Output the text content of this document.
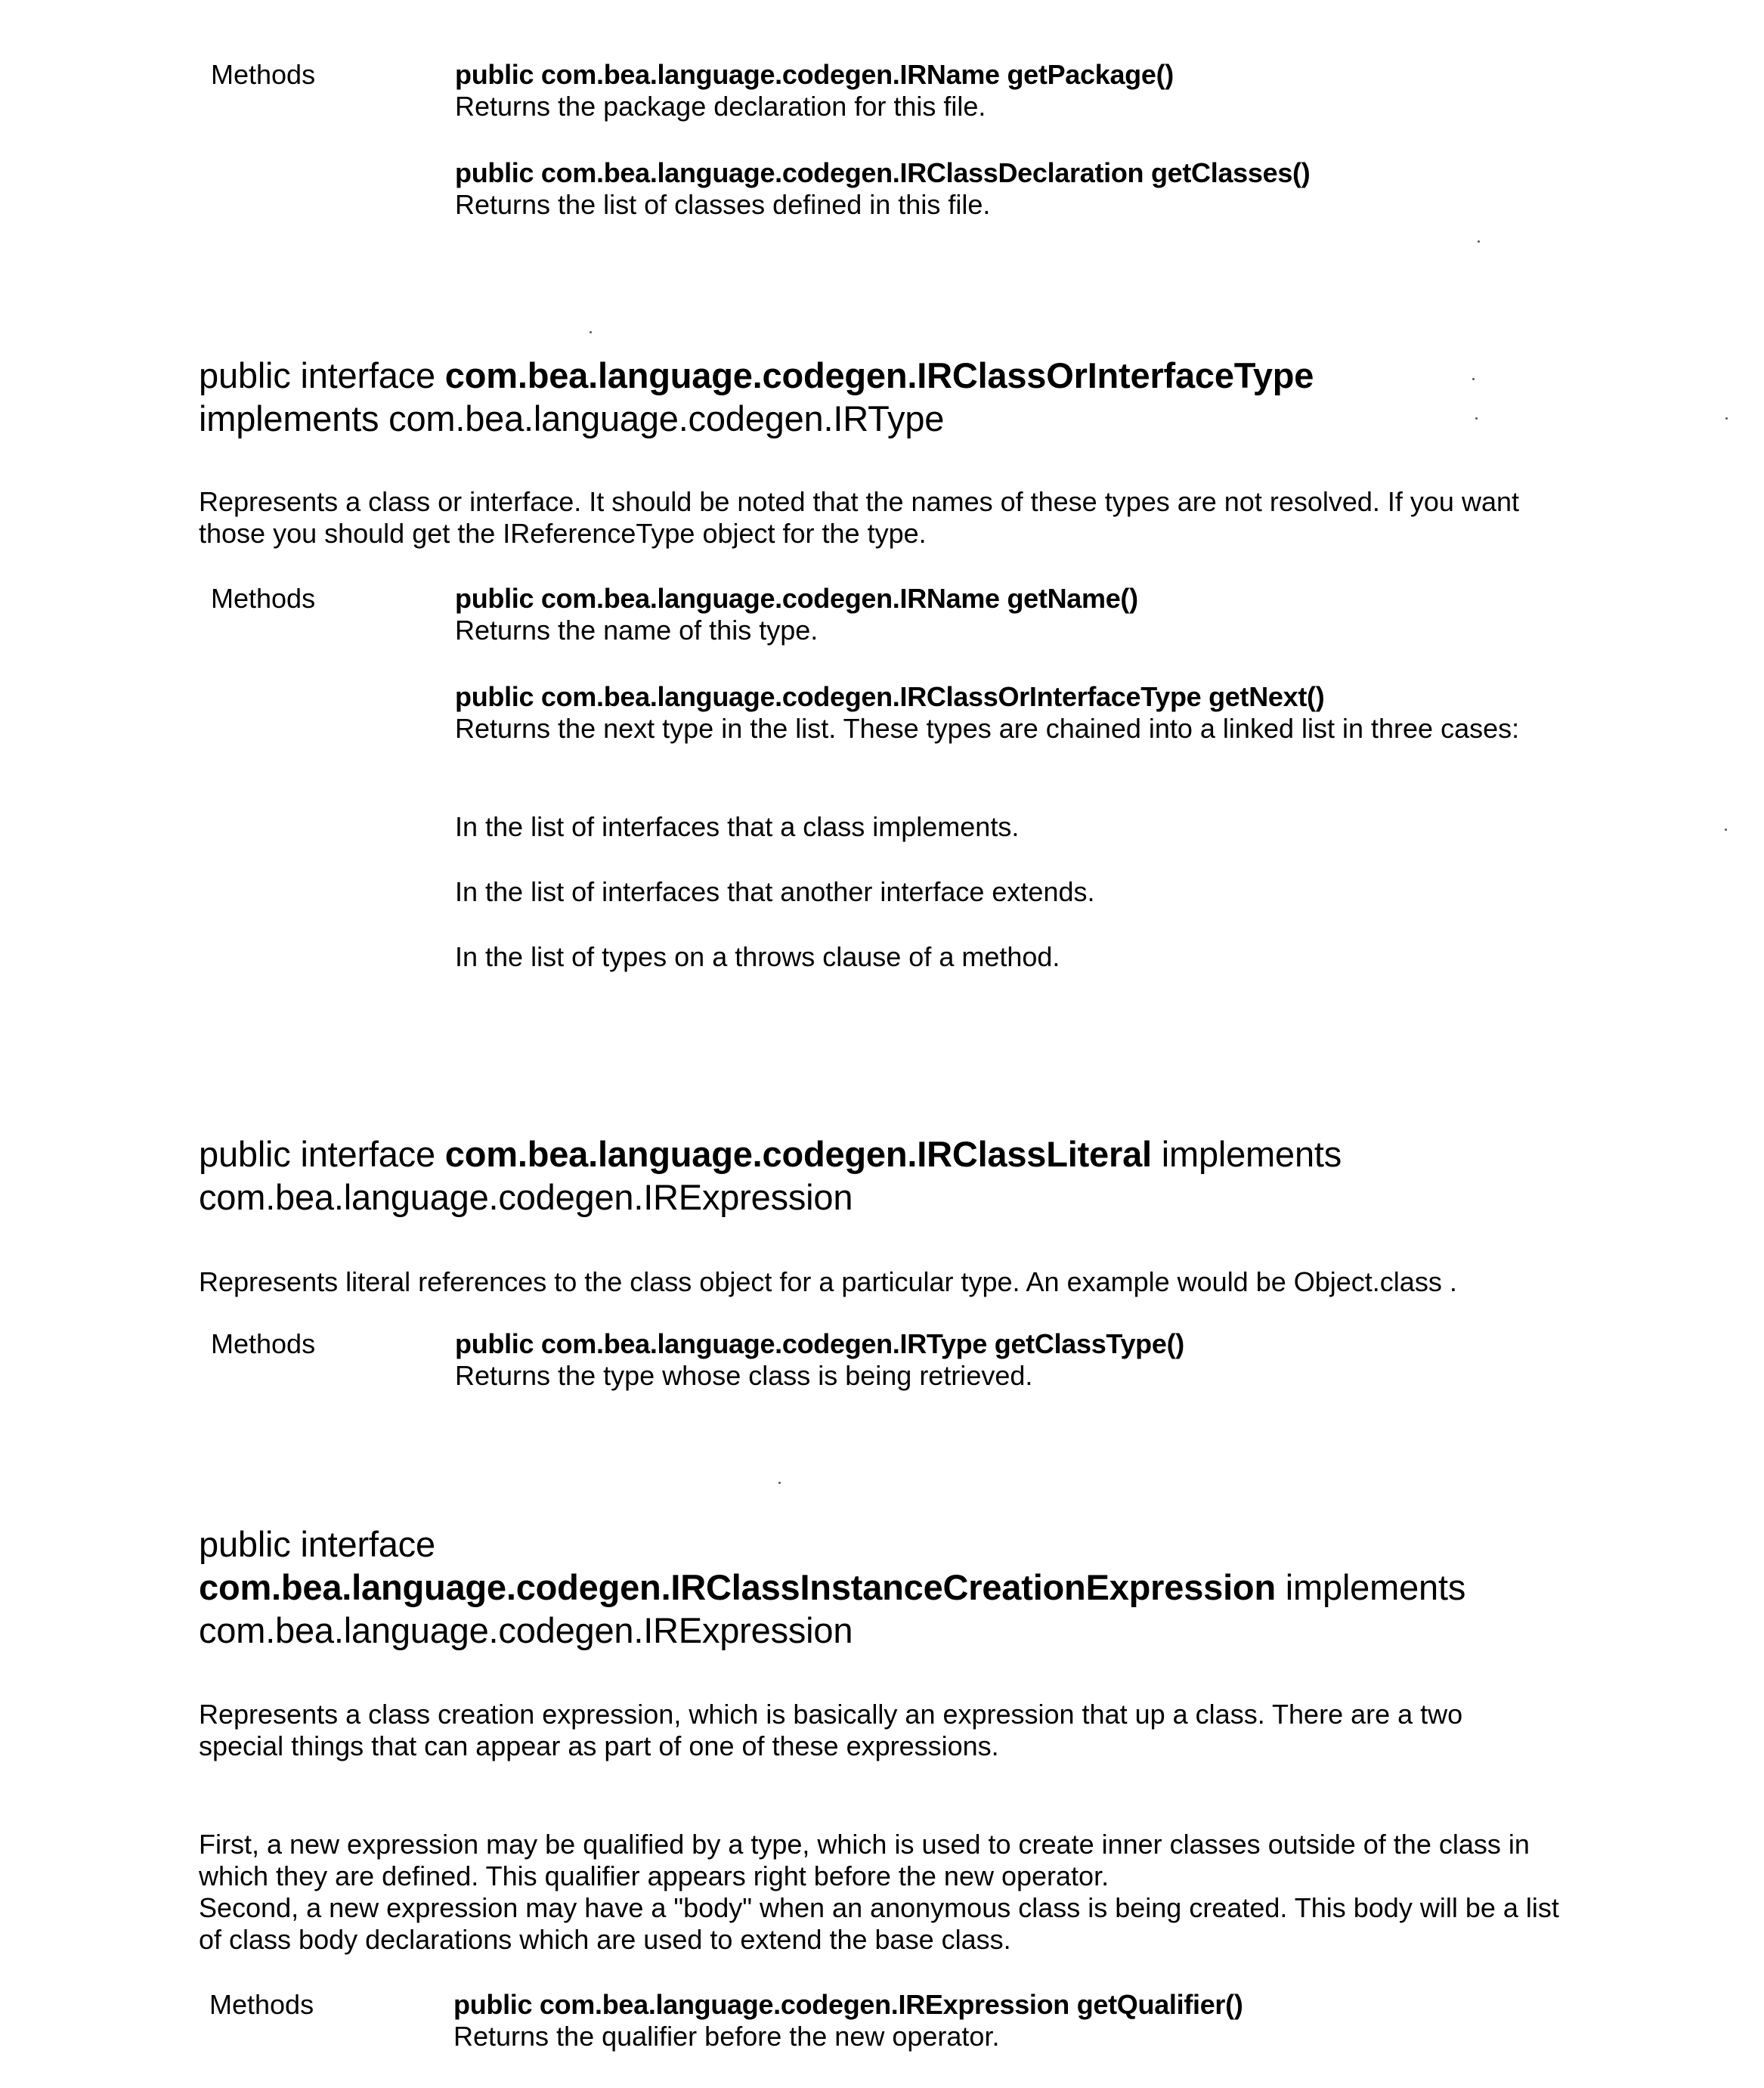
Methods	public com.bea.language.codegen.IRName getPackage()
Returns the package declaration for this file.
public com.bea.language.codegen.IRClassDeclaration getClasses()
Returns the list of classes defined in this file.
public interface com.bea.language.codegen.IRClassOrInterfaceType
implements com.bea.language.codegen.IRType
Represents a class or interface. It should be noted that the names of these types are not resolved. If you want those you should get the IReferenceType object for the type.
Methods	public com.bea.language.codegen.IRName getName()
Returns the name of this type.
public com.bea.language.codegen.IRClassOrInterfaceType getNext()
Returns the next type in the list. These types are chained into a linked list in three cases:
In the list of interfaces that a class implements.
In the list of interfaces that another interface extends.
In the list of types on a throws clause of a method.
public interface com.bea.language.codegen.IRClassLiteral implements
com.bea.language.codegen.IRExpression
Represents literal references to the class object for a particular type. An example would be Object.class .
Methods	public com.bea.language.codegen.IRType getClassType()
Returns the type whose class is being retrieved.
public interface
com.bea.language.codegen.IRClassInstanceCreationExpression implements
com.bea.language.codegen.IRExpression
Represents a class creation expression, which is basically an expression that up a class. There are a two special things that can appear as part of one of these expressions.
First, a new expression may be qualified by a type, which is used to create inner classes outside of the class in which they are defined. This qualifier appears right before the new operator.
Second, a new expression may have a "body" when an anonymous class is being created. This body will be a list of class body declarations which are used to extend the base class.
Methods	public com.bea.language.codegen.IRExpression getQualifier()
Returns the qualifier before the new operator.
